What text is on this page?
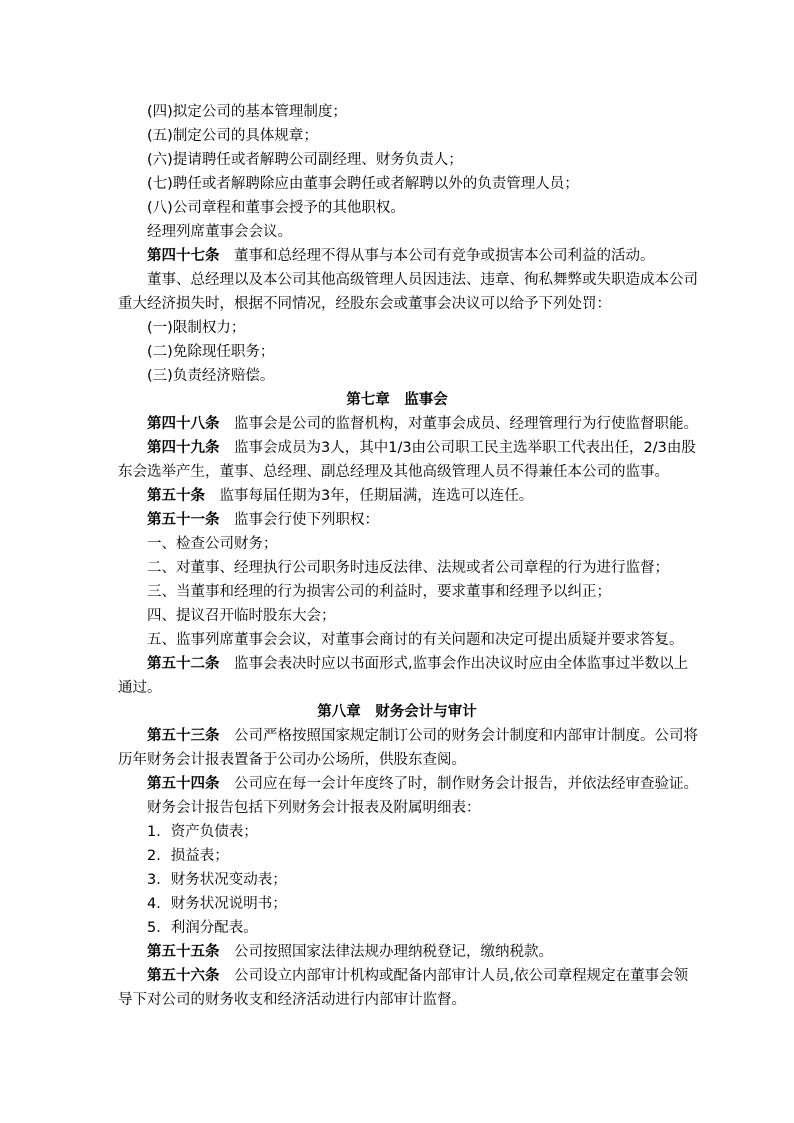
(四)拟定公司的基本管理制度；
(五)制定公司的具体规章；
(六)提请聘任或者解聘公司副经理、财务负责人；
(七)聘任或者解聘除应由董事会聘任或者解聘以外的负责管理人员；
(八)公司章程和董事会授予的其他职权。
经理列席董事会会议。
第四十七条　 董事和总经理不得从事与本公司有竞争或损害本公司利益的活动。
董事、总经理以及本公司其他高级管理人员因违法、违章、徇私舞弊或失职造成本公司
重大经济损失时，根据不同情况，经股东会或董事会决议可以给予下列处罚：
(一)限制权力；
(二)免除现任职务；
(三)负责经济赔偿。
第七章　监事会
第四十八条　 监事会是公司的监督机构，对董事会成员、经理管理行为行使监督职能。
第四十九条　 监事会成员为3人，其中1/3由公司职工民主选举职工代表出任，2/3由股
东会选举产生，董事、总经理、副总经理及其他高级管理人员不得兼任本公司的监事。
第五十条　 监事每届任期为3年，任期届满，连选可以连任。
第五十一条　 监事会行使下列职权：
一、检查公司财务；
二、对董事、经理执行公司职务时违反法律、法规或者公司章程的行为进行监督；
三、当董事和经理的行为损害公司的利益时，要求董事和经理予以纠正；
四、提议召开临时股东大会；
五、监事列席董事会会议，对董事会商讨的有关问题和决定可提出质疑并要求答复。
第五十二条　 监事会表决时应以书面形式,监事会作出决议时应由全体监事过半数以上
通过。
第八章　财务会计与审计
第五十三条　 公司严格按照国家规定制订公司的财务会计制度和内部审计制度。公司将
历年财务会计报表置备于公司办公场所，供股东查阅。
第五十四条　 公司应在每一会计年度终了时，制作财务会计报告，并依法经审查验证。
财务会计报告包括下列财务会计报表及附属明细表：
1．资产负债表；
2．损益表；
3．财务状况变动表；
4．财务状况说明书；
5．利润分配表。
第五十五条　 公司按照国家法律法规办理纳税登记，缴纳税款。
第五十六条　 公司设立内部审计机构或配备内部审计人员,依公司章程规定在董事会领
导下对公司的财务收支和经济活动进行内部审计监督。
